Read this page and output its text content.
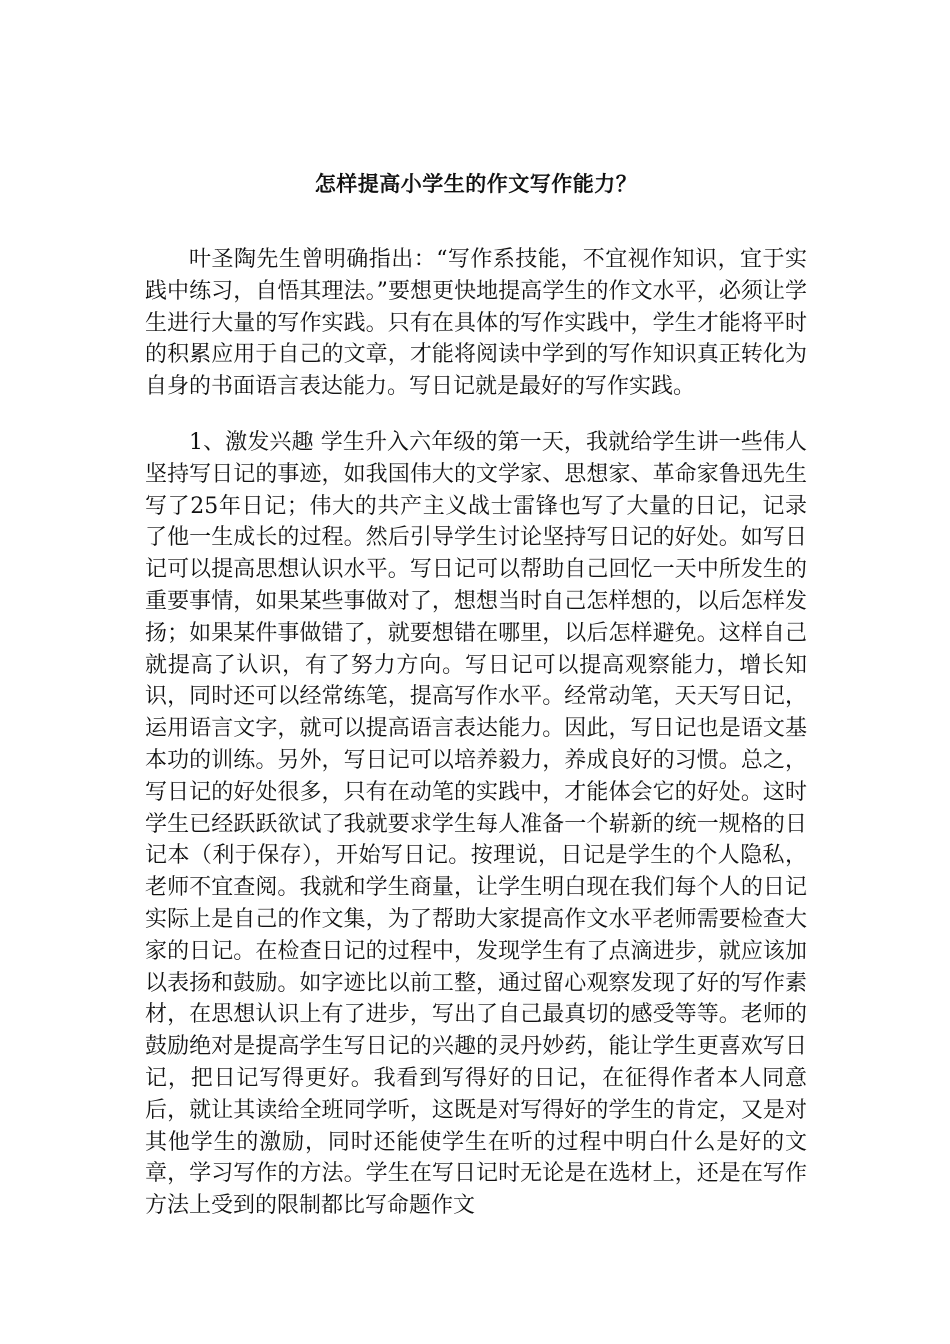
怎样提高小学生的作文写作能力？

叶圣陶先生曾明确指出：“写作系技能，不宜视作知识，宜于实践中练习，自悟其理法。”要想更快地提高学生的作文水平，必须让学生进行大量的写作实践。只有在具体的写作实践中，学生才能将平时的积累应用于自己的文章，才能将阅读中学到的写作知识真正转化为自身的书面语言表达能力。写日记就是最好的写作实践。

1、激发兴趣 学生升入六年级的第一天，我就给学生讲一些伟人坚持写日记的事迹，如我国伟大的文学家、思想家、革命家鲁迅先生写了25年日记；伟大的共产主义战士雷锋也写了大量的日记，记录了他一生成长的过程。然后引导学生讨论坚持写日记的好处。如写日记可以提高思想认识水平。写日记可以帮助自己回忆一天中所发生的重要事情，如果某些事做对了，想想当时自己怎样想的，以后怎样发扬；如果某件事做错了，就要想错在哪里，以后怎样避免。这样自己就提高了认识，有了努力方向。写日记可以提高观察能力，增长知识，同时还可以经常练笔，提高写作水平。经常动笔，天天写日记，运用语言文字，就可以提高语言表达能力。因此，写日记也是语文基本功的训练。另外，写日记可以培养毅力，养成良好的习惯。总之，写日记的好处很多，只有在动笔的实践中，才能体会它的好处。这时学生已经跃跃欲试了我就要求学生每人准备一个崭新的统一规格的日记本（利于保存），开始写日记。按理说，日记是学生的个人隐私，老师不宜查阅。我就和学生商量，让学生明白现在我们每个人的日记实际上是自己的作文集，为了帮助大家提高作文水平老师需要检查大家的日记。在检查日记的过程中，发现学生有了点滴进步，就应该加以表扬和鼓励。如字迹比以前工整，通过留心观察发现了好的写作素材，在思想认识上有了进步，写出了自己最真切的感受等等。老师的鼓励绝对是提高学生写日记的兴趣的灵丹妙药，能让学生更喜欢写日记，把日记写得更好。我看到写得好的日记，在征得作者本人同意后，就让其读给全班同学听，这既是对写得好的学生的肯定，又是对其他学生的激励，同时还能使学生在听的过程中明白什么是好的文章，学习写作的方法。学生在写日记时无论是在选材上，还是在写作方法上受到的限制都比写命题作文
